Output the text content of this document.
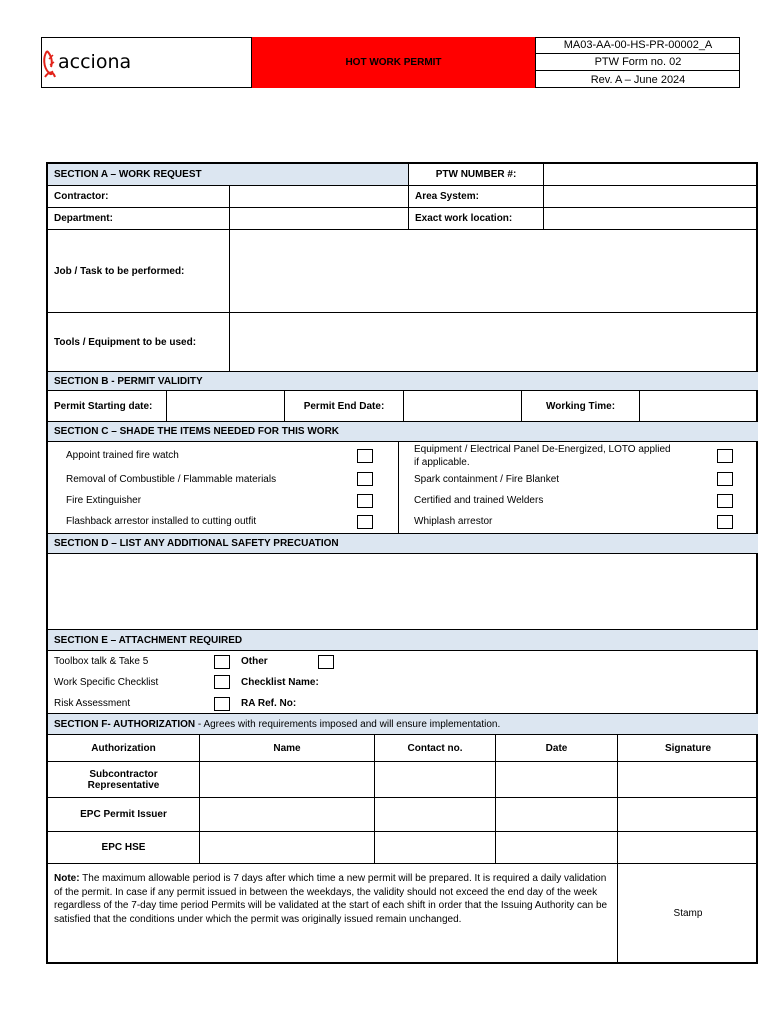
acciona	HOT WORK PERMIT
MA03-AA-00-HS-PR-00002_A
PTW Form no. 02
Rev. A – June 2024
SECTION A – WORK REQUEST	PTW NUMBER #:
Contractor:	Area System:
Department:	Exact work location:
Job / Task to be performed:
Tools / Equipment to be used:
SECTION B - PERMIT VALIDITY
Permit Starting date:	Permit End Date:	Working Time:
SECTION C – SHADE THE ITEMS NEEDED FOR THIS WORK
Appoint trained fire watch
Removal of Combustible / Flammable materials
Fire Extinguisher
Flashback arrestor installed to cutting outfit
Equipment / Electrical Panel De-Energized, LOTO applied
if applicable.
Spark containment / Fire Blanket
Certified and trained Welders
Whiplash arrestor
SECTION D – LIST ANY ADDITIONAL SAFETY PRECUATION
SECTION E – ATTACHMENT REQUIRED
Toolbox talk & Take 5	Other
Work Specific Checklist	Checklist Name:
Risk Assessment	RA Ref. No:
SECTION F- AUTHORIZATION - Agrees with requirements imposed and will ensure implementation.
Authorization	Name	Contact no.	Date	Signature
Subcontractor Representative
EPC Permit Issuer
EPC HSE
Note: The maximum allowable period is 7 days after which time a new permit will be prepared. It is required a daily validation of the permit. In case if any permit issued in between the weekdays, the validity should not exceed the end day of the week regardless of the 7-day time period Permits will be validated at the start of each shift in order that the Issuing Authority can be satisfied that the conditions under which the permit was originally issued remain unchanged.
Stamp
